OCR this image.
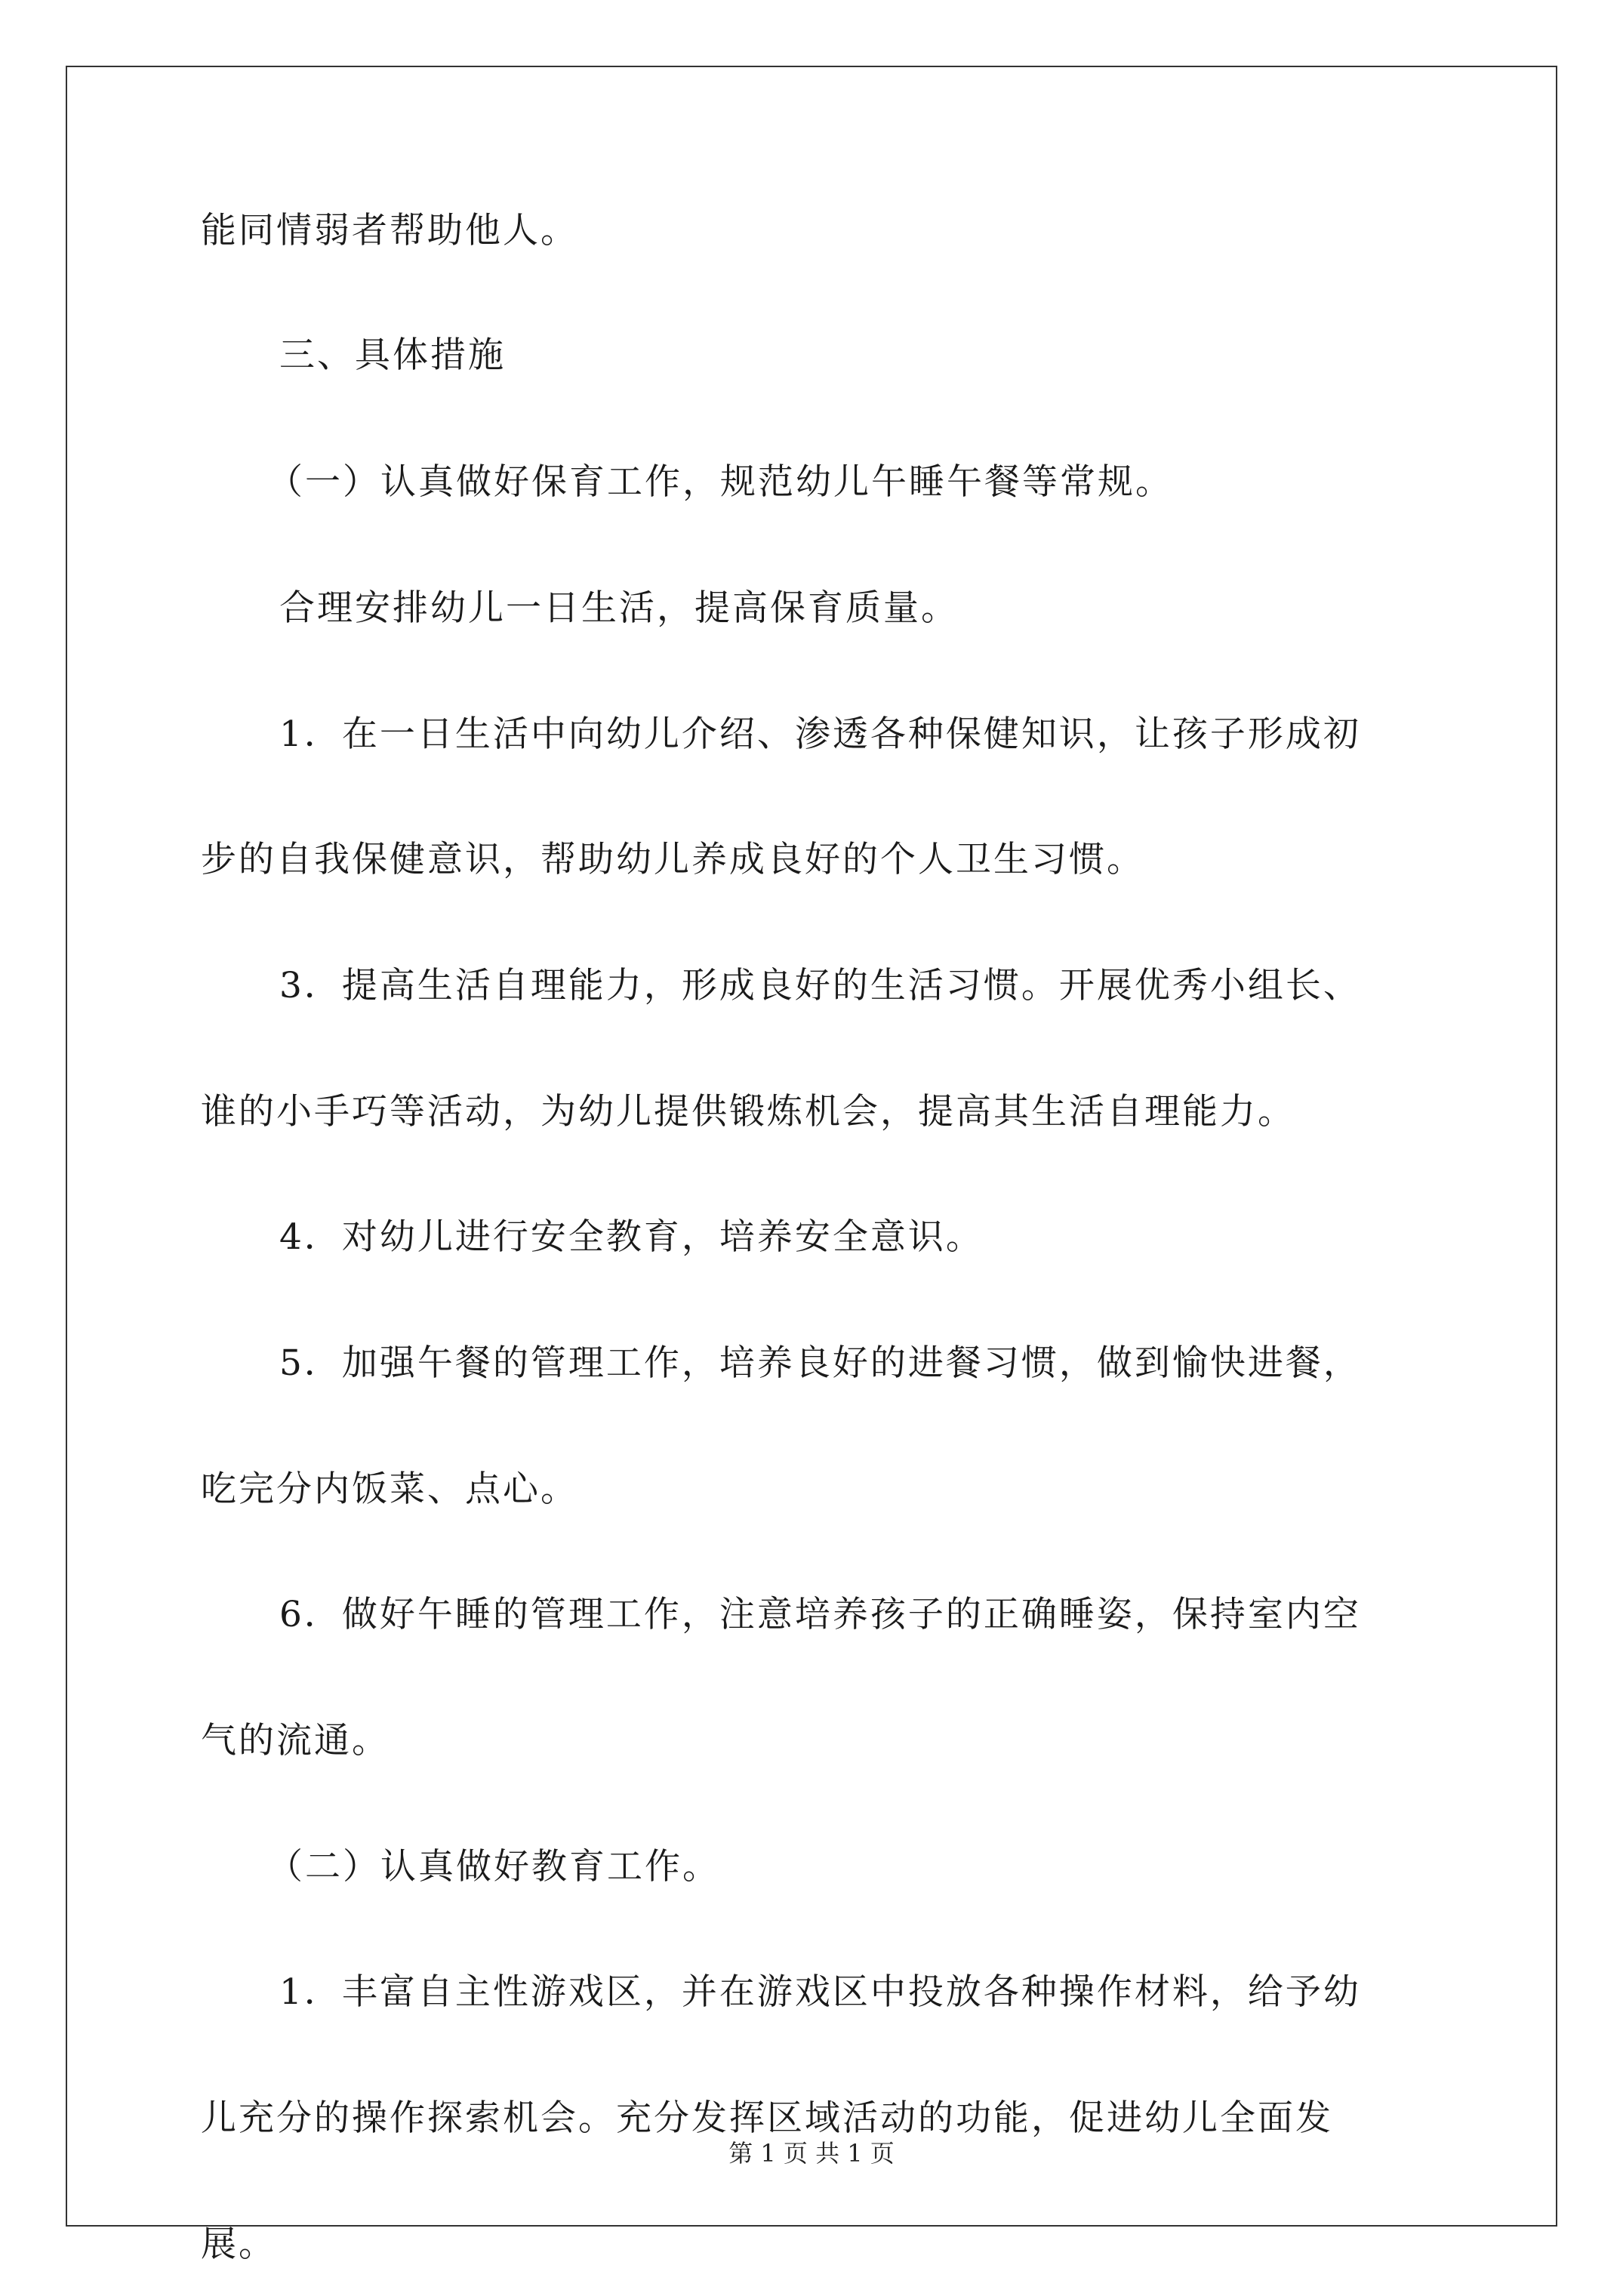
能同情弱者帮助他人。
三、具体措施
（一）认真做好保育工作，规范幼儿午睡午餐等常规。
合理安排幼儿一日生活，提高保育质量。
1．在一日生活中向幼儿介绍、渗透各种保健知识，让孩子形成初
步的自我保健意识，帮助幼儿养成良好的个人卫生习惯。
3．提高生活自理能力，形成良好的生活习惯。开展优秀小组长、
谁的小手巧等活动，为幼儿提供锻炼机会，提高其生活自理能力。
4．对幼儿进行安全教育，培养安全意识。
5．加强午餐的管理工作，培养良好的进餐习惯，做到愉快进餐，
吃完分内饭菜、点心。
6．做好午睡的管理工作，注意培养孩子的正确睡姿，保持室内空
气的流通。
（二）认真做好教育工作。
1．丰富自主性游戏区，并在游戏区中投放各种操作材料，给予幼
儿充分的操作探索机会。充分发挥区域活动的功能，促进幼儿全面发
展。
第 1 页 共 1 页
